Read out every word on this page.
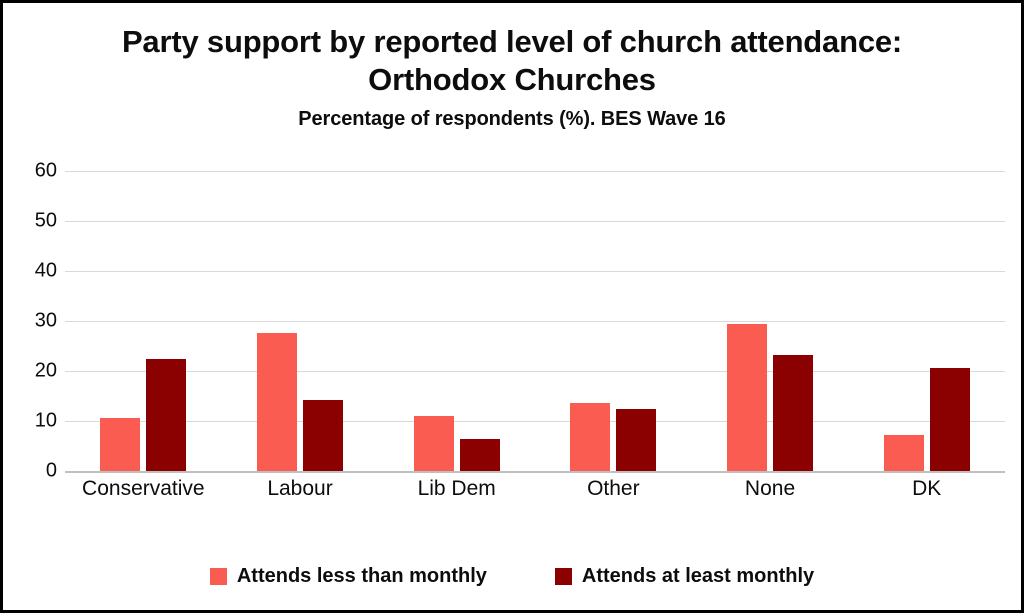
Party support by reported level of church attendance: Orthodox Churches
Percentage of respondents (%). BES Wave 16
0
10
20
30
40
50
60
Conservative	Labour	Lib Dem	Other	None	DK
Attends less than monthly	Attends at least monthly
